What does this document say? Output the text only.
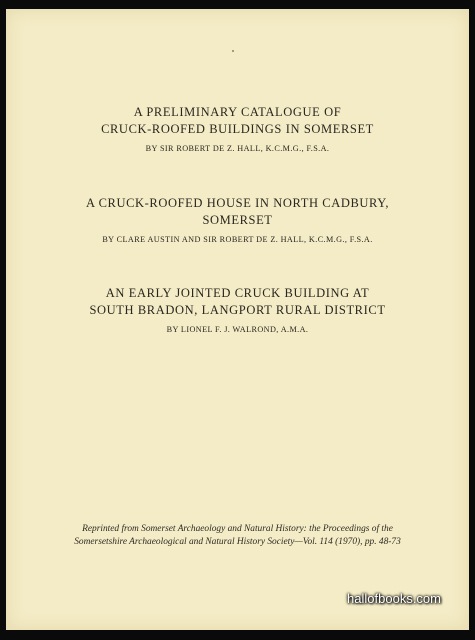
A PRELIMINARY CATALOGUE OF
CRUCK-ROOFED BUILDINGS IN SOMERSET
BY SIR ROBERT DE Z. HALL, K.C.M.G., F.S.A.
A CRUCK-ROOFED HOUSE IN NORTH CADBURY,
SOMERSET
BY CLARE AUSTIN AND SIR ROBERT DE Z. HALL, K.C.M.G., F.S.A.
AN EARLY JOINTED CRUCK BUILDING AT
SOUTH BRADON, LANGPORT RURAL DISTRICT
BY LIONEL F. J. WALROND, A.M.A.
Reprinted from Somerset Archaeology and Natural History: the Proceedings of the
Somersetshire Archaeological and Natural History Society—Vol. 114 (1970), pp. 48-73
hallofbooks.com
